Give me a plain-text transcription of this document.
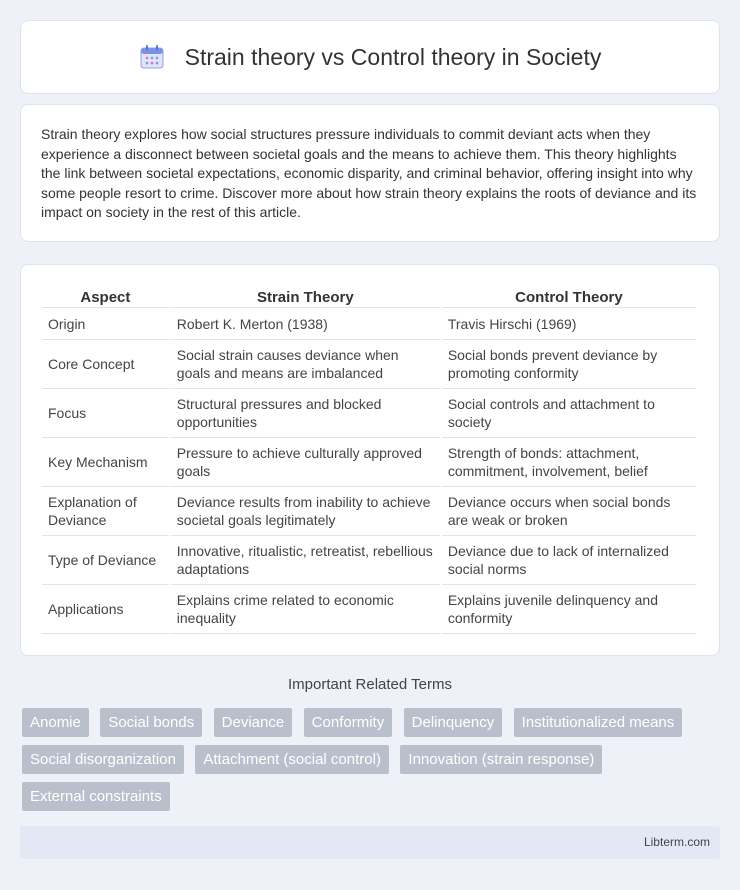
Strain theory vs Control theory in Society

Strain theory explores how social structures pressure individuals to commit deviant acts when they experience a disconnect between societal goals and the means to achieve them. This theory highlights the link between societal expectations, economic disparity, and criminal behavior, offering insight into why some people resort to crime. Discover more about how strain theory explains the roots of deviance and its impact on society in the rest of this article.

Aspect	Strain Theory	Control Theory
Origin	Robert K. Merton (1938)	Travis Hirschi (1969)
Core Concept	Social strain causes deviance when goals and means are imbalanced	Social bonds prevent deviance by promoting conformity
Focus	Structural pressures and blocked opportunities	Social controls and attachment to society
Key Mechanism	Pressure to achieve culturally approved goals	Strength of bonds: attachment, commitment, involvement, belief
Explanation of Deviance	Deviance results from inability to achieve societal goals legitimately	Deviance occurs when social bonds are weak or broken
Type of Deviance	Innovative, ritualistic, retreatist, rebellious adaptations	Deviance due to lack of internalized social norms
Applications	Explains crime related to economic inequality	Explains juvenile delinquency and conformity
Important Related Terms
Anomie Social bonds Deviance Conformity Delinquency Institutionalized means Social disorganization Attachment (social control) Innovation (strain response) External constraints
Libterm.com
